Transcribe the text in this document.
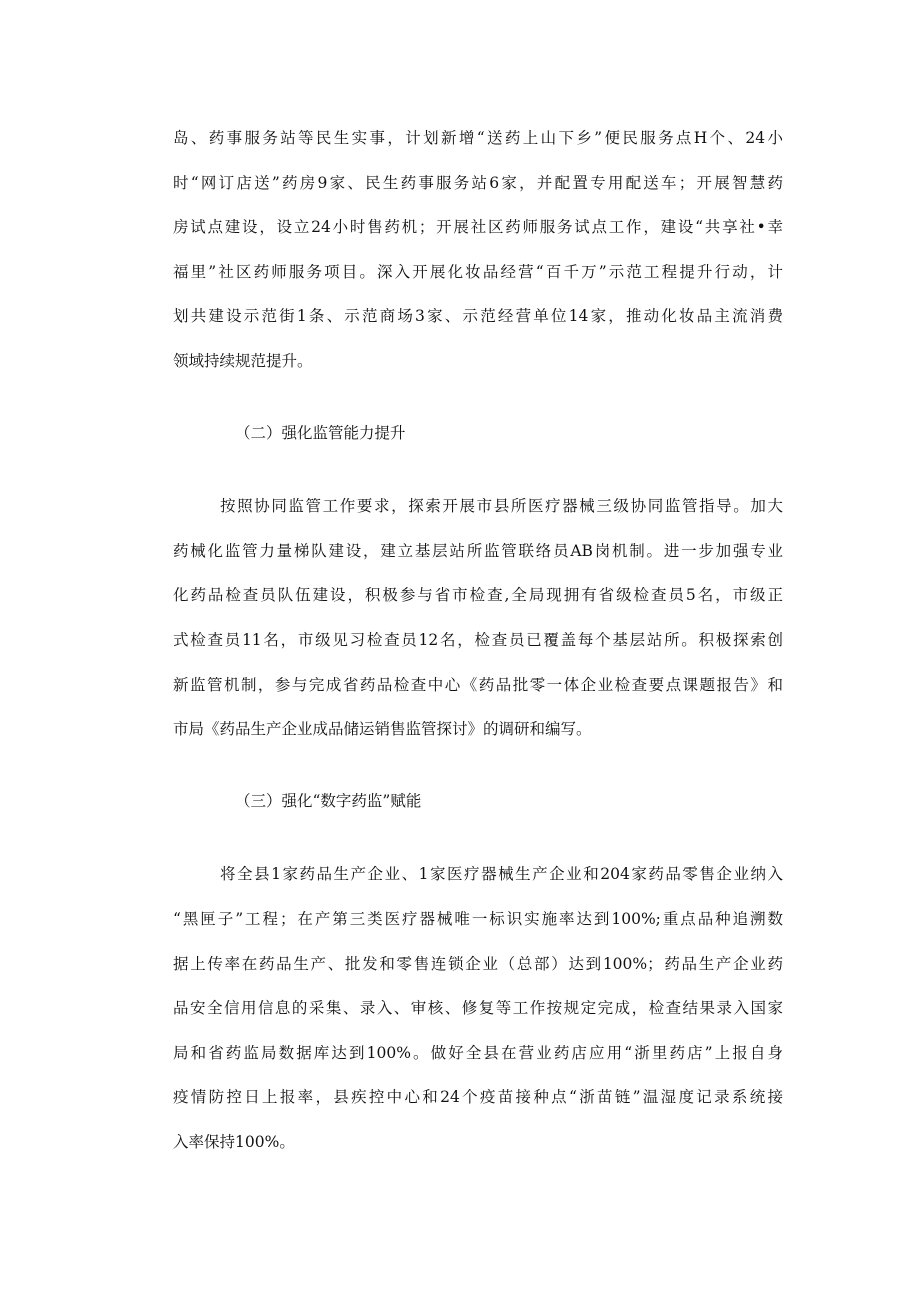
岛、药事服务站等民生实事，计划新增“送药上山下乡”便民服务点H个、24小
时“网订店送”药房9家、民生药事服务站6家，并配置专用配送车；开展智慧药
房试点建设，设立24小时售药机；开展社区药师服务试点工作，建设“共享社•幸
福里”社区药师服务项目。深入开展化妆品经营“百千万”示范工程提升行动，计
划共建设示范街1条、示范商场3家、示范经营单位14家，推动化妆品主流消费
领域持续规范提升。
（二）强化监管能力提升
按照协同监管工作要求，探索开展市县所医疗器械三级协同监管指导。加大
药械化监管力量梯队建设，建立基层站所监管联络员AB岗机制。进一步加强专业
化药品检查员队伍建设，积极参与省市检查,全局现拥有省级检查员5名，市级正
式检查员11名，市级见习检查员12名，检查员已覆盖每个基层站所。积极探索创
新监管机制，参与完成省药品检查中心《药品批零一体企业检查要点课题报告》和
市局《药品生产企业成品储运销售监管探讨》的调研和编写。
（三）强化“数字药监”赋能
将全县1家药品生产企业、1家医疗器械生产企业和204家药品零售企业纳入
“黑匣子”工程；在产第三类医疗器械唯一标识实施率达到100%;重点品种追溯数
据上传率在药品生产、批发和零售连锁企业（总部）达到100%；药品生产企业药
品安全信用信息的采集、录入、审核、修复等工作按规定完成，检查结果录入国家
局和省药监局数据库达到100%。做好全县在营业药店应用“浙里药店”上报自身
疫情防控日上报率，县疾控中心和24个疫苗接种点“浙苗链”温湿度记录系统接
入率保持100%。
